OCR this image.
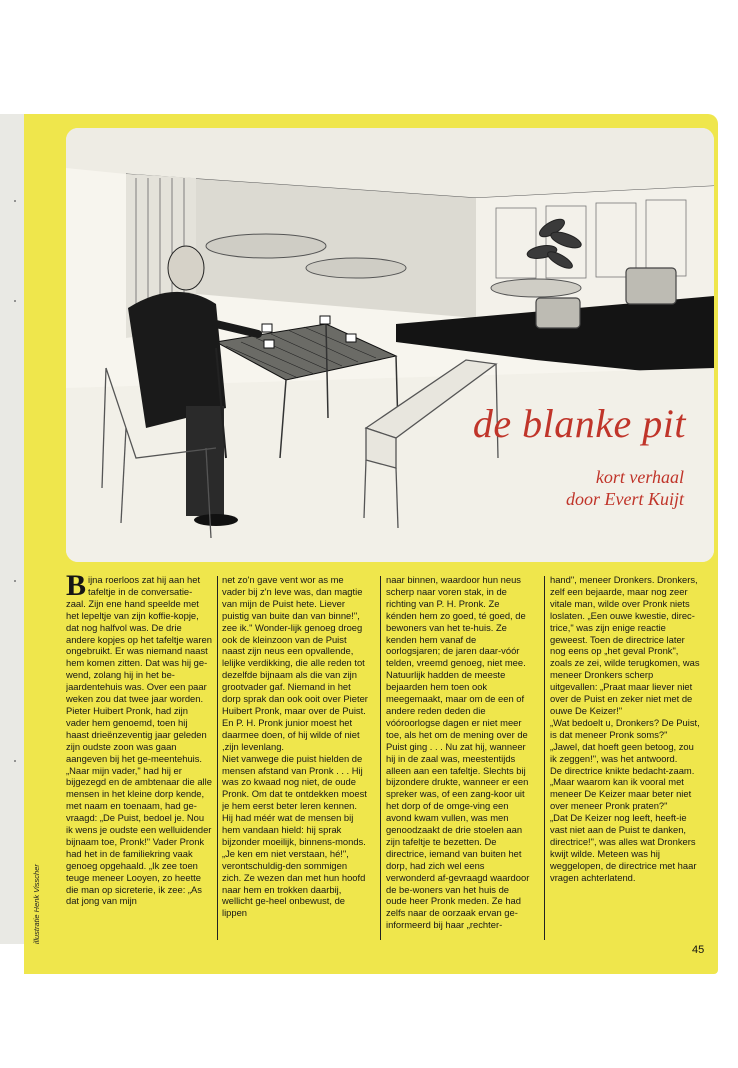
de blanke pit
kort verhaal
door Evert Kuijt
Bijna roerloos zat hij aan het tafeltje in de conversatie-zaal. Zijn ene hand speelde met het lepeltje van zijn koffie-kopje, dat nog halfvol was. De drie andere kopjes op het tafeltje waren ongebruikt. Er was niemand naast hem komen zitten. Dat was hij ge-wend, zolang hij in het be-jaardentehuis was. Over een paar weken zou dat twee jaar worden.
Pieter Huibert Pronk, had zijn vader hem genoemd, toen hij haast drieënzeventig jaar geleden zijn oudste zoon was gaan aangeven bij het ge-meentehuis. „Naar mijn vader," had hij er bijgezegd en de ambtenaar die alle mensen in het kleine dorp kende, met naam en toenaam, had ge-vraagd: „De Puist, bedoel je. Nou ik wens je oudste een welluidender bijnaam toe, Pronk!" Vader Pronk had het in de familiekring vaak genoeg opgehaald. „Ik zee toen teuge meneer Looyen, zo heette die man op sicreterie, ik zee: „As dat jong van mijn
net zo'n gave vent wor as me vader bij z'n leve was, dan magtie van mijn de Puist hete. Liever puistig van buite dan van binne!", zee ik." Wonder-lijk genoeg droeg ook de kleinzoon van de Puist naast zijn neus een opvallende, lelijke verdikking, die alle reden tot dezelfde bijnaam als die van zijn grootvader gaf. Niemand in het dorp sprak dan ook ooit over Pieter Huibert Pronk, maar over de Puist. En P. H. Pronk junior moest het daarmee doen, of hij wilde of niet ,zijn levenlang.
Niet vanwege die puist hielden de mensen afstand van Pronk . . . Hij was zo kwaad nog niet, de oude Pronk. Om dat te ontdekken moest je hem eerst beter leren kennen. Hij had méér wat de mensen bij hem vandaan hield: hij sprak bijzonder moeilijk, binnens-monds. „Je ken em niet verstaan, hé!", verontschuldig-den sommigen zich. Ze wezen dan met hun hoofd naar hem en trokken daarbij, wellicht ge-heel onbewust, de lippen
naar binnen, waardoor hun neus scherp naar voren stak, in de richting van P. H. Pronk. Ze kénden hem zo goed, té goed, de bewoners van het te-huis. Ze kenden hem vanaf de oorlogsjaren; de jaren daar-vóór telden, vreemd genoeg, niet mee. Natuurlijk hadden de meeste bejaarden hem toen ook meegemaakt, maar om de een of andere reden deden die vóóroorlogse dagen er niet meer toe, als het om de mening over de Puist ging . . . Nu zat hij, wanneer hij in de zaal was, meestentijds alleen aan een tafeltje. Slechts bij bijzondere drukte, wanneer er een spreker was, of een zang-koor uit het dorp of de omge-ving een avond kwam vullen, was men genoodzaakt de drie stoelen aan zijn tafeltje te bezetten. De directrice, iemand van buiten het dorp, had zich wel eens verwonderd af-gevraagd waardoor de be-woners van het huis de oude heer Pronk meden. Ze had zelfs naar de oorzaak ervan ge-informeerd bij haar „rechter-
hand", meneer Dronkers. Dronkers, zelf een bejaarde, maar nog zeer vitale man, wilde over Pronk niets loslaten. „Een ouwe kwestie, direc-trice," was zijn enige reactie geweest. Toen de directrice later nog eens op „het geval Pronk", zoals ze zei, wilde terugkomen, was meneer Dronkers scherp uitgevallen: „Praat maar liever niet over de Puist en zeker niet met de ouwe De Keizer!"
„Wat bedoelt u, Dronkers? De Puist, is dat meneer Pronk soms?"
„Jawel, dat hoeft geen betoog, zou ik zeggen!", was het antwoord.
De directrice knikte bedacht-zaam. „Maar waarom kan ik vooral met meneer De Keizer maar beter niet over meneer Pronk praten?"
„Dat De Keizer nog leeft, heeft-ie vast niet aan de Puist te danken, directrice!", was alles wat Dronkers kwijt wilde. Meteen was hij weggelopen, de directrice met haar vragen achterlatend.
illustratie Henk Visscher
45
